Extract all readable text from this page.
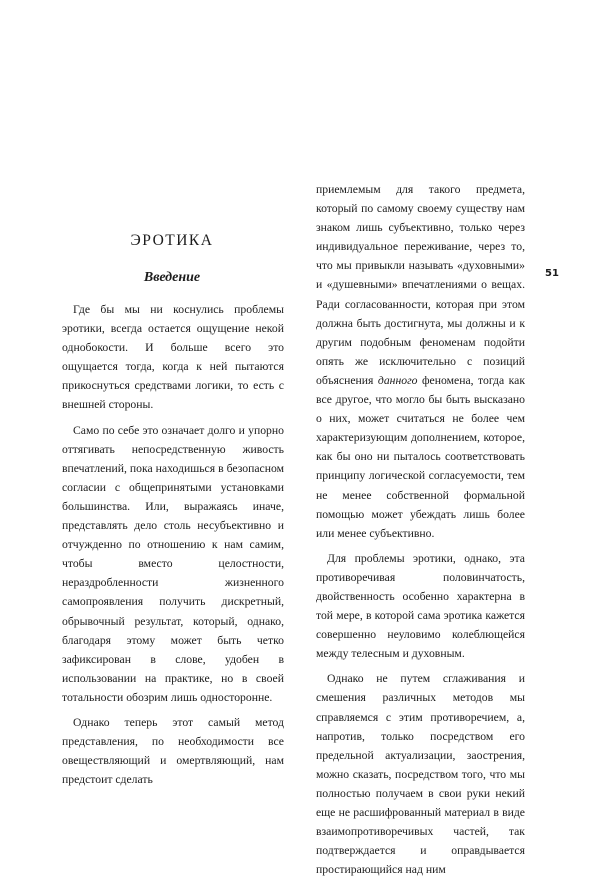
ЭРОТИКА
Введение

Где бы мы ни коснулись проблемы эротики, всегда остается ощущение некой однобокости. И больше всего это ощущается тогда, когда к ней пытаются прикоснуться средствами логики, то есть с внешней стороны.

Само по себе это означает долго и упорно оттягивать непосредственную живость впечатлений, пока находишься в безопасном согласии с общепринятыми установками большинства. Или, выражаясь иначе, представлять дело столь несубъективно и отчужденно по отношению к нам самим, чтобы вместо целостности, нераздробленности жизненного самопроявления получить дискретный, обрывочный результат, который, однако, благодаря этому может быть четко зафиксирован в слове, удобен в использовании на практике, но в своей тотальности обозрим лишь односторонне.

Однако теперь этот самый метод представления, по необходимости все овеществляющий и омертвляющий, нам предстоит сделать

приемлемым для такого предмета, который по самому своему существу нам знаком лишь субъективно, только через индивидуальное переживание, через то, что мы привыкли называть «духовными» и «душевными» впечатлениями о вещах. Ради согласованности, которая при этом должна быть достигнута, мы должны и к другим подобным феноменам подойти опять же исключительно с позиций объяснения данного феномена, тогда как все другое, что могло бы быть высказано о них, может считаться не более чем характеризующим дополнением, которое, как бы оно ни пыталось соответствовать принципу логической согласуемости, тем не менее собственной формальной помощью может убеждать лишь более или менее субъективно.

Для проблемы эротики, однако, эта противоречивая половинчатость, двойственность особенно характерна в той мере, в которой сама эротика кажется совершенно неуловимо колеблющейся между телесным и духовным.

Однако не путем сглаживания и смешения различных методов мы справляемся с этим противоречием, а, напротив, только посредством его предельной актуализации, заострения, можно сказать, посредством того, что мы полностью получаем в свои руки некий еще не расшифрованный материал в виде взаимопротиворечивых частей, так подтверждается и оправдывается простирающийся над ним

51
